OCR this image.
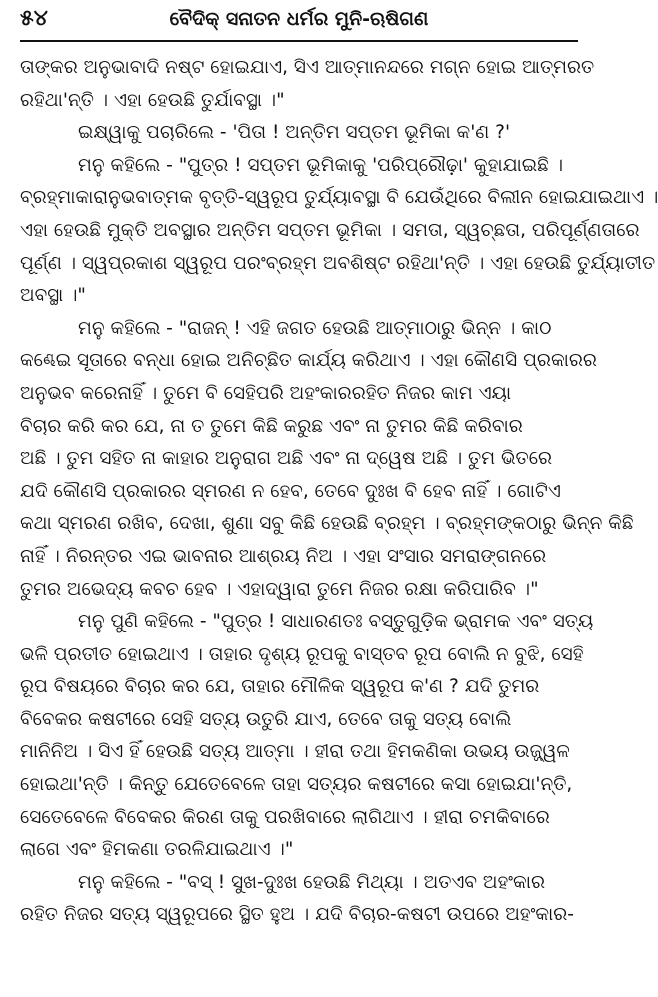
୫୪	ବୈଦିକ୍ ସନାତନ ଧର୍ମର ମୁନି-ଋଷିଗଣ
ତାଙ୍କର ଅନୁଭାବାଦି ନଷ୍ଟ ହୋଇଯାଏ, ସିଏ ଆତ୍ମାନନ୍ଦରେ ମଗ୍ନ ହୋଇ ଆତ୍ମରତ
ରହିଥା'ନ୍ତି । ଏହା ହେଉଛି ତୁର୍ଯାବସ୍ଥା ।"
ଇକ୍ଷ୍ୱାକୁ ପଚାରିଲେ - 'ପିତା ! ଅନ୍ତିମ ସପ୍ତମ ଭୂମିକା କ'ଣ ?'
ମନୁ କହିଲେ - "ପୁତ୍ର ! ସପ୍ତମ ଭୂମିକାକୁ 'ପରିପ୍ରୌଢ଼ା' କୁହାଯାଇଛି ।
ବ୍ରହ୍ମାକାରାନୁଭବାତ୍ମକ ବୃତ୍ତି-ସ୍ୱରୂପ ତୁର୍ଯ୍ୟାବସ୍ଥା ବି ଯେଉଁଥିରେ ବିଲୀନ ହୋଇଯାଇଥାଏ ।
ଏହା ହେଉଛି ମୁକ୍ତି ଅବସ୍ଥାର ଅନ୍ତିମ ସପ୍ତମ ଭୂମିକା । ସମତା, ସ୍ୱଚ୍ଛତା, ପରିପୂର୍ଣ୍ଣତାରେ
ପୂର୍ଣ୍ଣ । ସ୍ୱପ୍ରକାଶ ସ୍ୱରୂପ ପରଂବ୍ରହ୍ମ ଅବଶିଷ୍ଟ ରହିଥା'ନ୍ତି । ଏହା ହେଉଛି ତୁର୍ଯ୍ୟାତୀତ
ଅବସ୍ଥା ।"
ମନୁ କହିଲେ - "ରାଜନ୍ ! ଏହି ଜଗତ ହେଉଛି ଆତ୍ମାଠାରୁ ଭିନ୍ନ । କାଠ
କଣ୍ଢେଇ ସୂତାରେ ବନ୍ଧା ହୋଇ ଅନିଚ୍ଛିତ କାର୍ଯ୍ୟ କରିଥାଏ । ଏହା କୌଣସି ପ୍ରକାରର
ଅନୁଭବ କରେନାହିଁ । ତୁମେ ବି ସେହିପରି ଅହଂକାରରହିତ ନିଜର କାମ ଏୟା
ବିଚାର କରି କର ଯେ, ନା ତ ତୁମେ କିଛି କରୁଛ ଏବଂ ନା ତୁମର କିଛି କରିବାର
ଅଛି । ତୁମ ସହିତ ନା କାହାର ଅନୁରାଗ ଅଛି ଏବଂ ନା ଦ୍ୱେଷ ଅଛି । ତୁମ ଭିତରେ
ଯଦି କୌଣସି ପ୍ରକାରର ସ୍ମରଣ ନ ହେବ, ତେବେ ଦୁଃଖ ବି ହେବ ନାହିଁ । ଗୋଟିଏ
କଥା ସ୍ମରଣ ରଖିବ, ଦେଖା, ଶୁଣା ସବୁ କିଛି ହେଉଛି ବ୍ରହ୍ମ । ବ୍ରହ୍ମଙ୍କଠାରୁ ଭିନ୍ନ କିଛି
ନାହିଁ । ନିରନ୍ତର ଏଇ ଭାବନାର ଆଶ୍ରୟ ନିଅ । ଏହା ସଂସାର ସମରାଙ୍ଗନରେ
ତୁମର ଅଭେଦ୍ୟ କବଚ ହେବ । ଏହାଦ୍ୱାରା ତୁମେ ନିଜର ରକ୍ଷା କରିପାରିବ ।"
ମନୁ ପୁଣି କହିଲେ - "ପୁତ୍ର ! ସାଧାରଣତଃ ବସ୍ତୁଗୁଡ଼ିକ ଭ୍ରାମକ ଏବଂ ସତ୍ୟ
ଭଳି ପ୍ରତୀତ ହୋଇଥାଏ । ତାହାର ଦୃଶ୍ୟ ରୂପକୁ ବାସ୍ତବ ରୂପ ବୋଲି ନ ବୁଝି, ସେହି
ରୂପ ବିଷୟରେ ବିଚାର କର ଯେ, ତାହାର ମୌଳିକ ସ୍ୱରୂପ କ'ଣ ? ଯଦି ତୁମର
ବିବେକର କଷଟୀରେ ସେହି ସତ୍ୟ ଉତୁରି ଯାଏ, ତେବେ ତାକୁ ସତ୍ୟ ବୋଲି
ମାନିନିଅ । ସିଏ ହିଁ ହେଉଛି ସତ୍ୟ ଆତ୍ମା । ହୀରା ତଥା ହିମକଣିକା ଉଭୟ ଉଜ୍ଜ୍ୱଳ
ହୋଇଥା'ନ୍ତି । କିନ୍ତୁ ଯେତେବେଳେ ତାହା ସତ୍ୟର କଷଟୀରେ କସା ହୋଇଯା'ନ୍ତି,
ସେତେବେଳେ ବିବେକର କିରଣ ତାକୁ ପରଖିବାରେ ଲାଗିଥାଏ । ହୀରା ଚମକିବାରେ
ଲାଗେ ଏବଂ ହିମକଣା ତରଳିଯାଇଥାଏ ।"
ମନୁ କହିଲେ - "ବସ୍ ! ସୁଖ-ଦୁଃଖ ହେଉଛି ମିଥ୍ୟା । ଅତଏବ ଅହଂକାର
ରହିତ ନିଜର ସତ୍ୟ ସ୍ୱରୂପରେ ସ୍ଥିତ ହୁଅ । ଯଦି ବିଚାର-କଷଟୀ ଉପରେ ଅହଂକାର-
